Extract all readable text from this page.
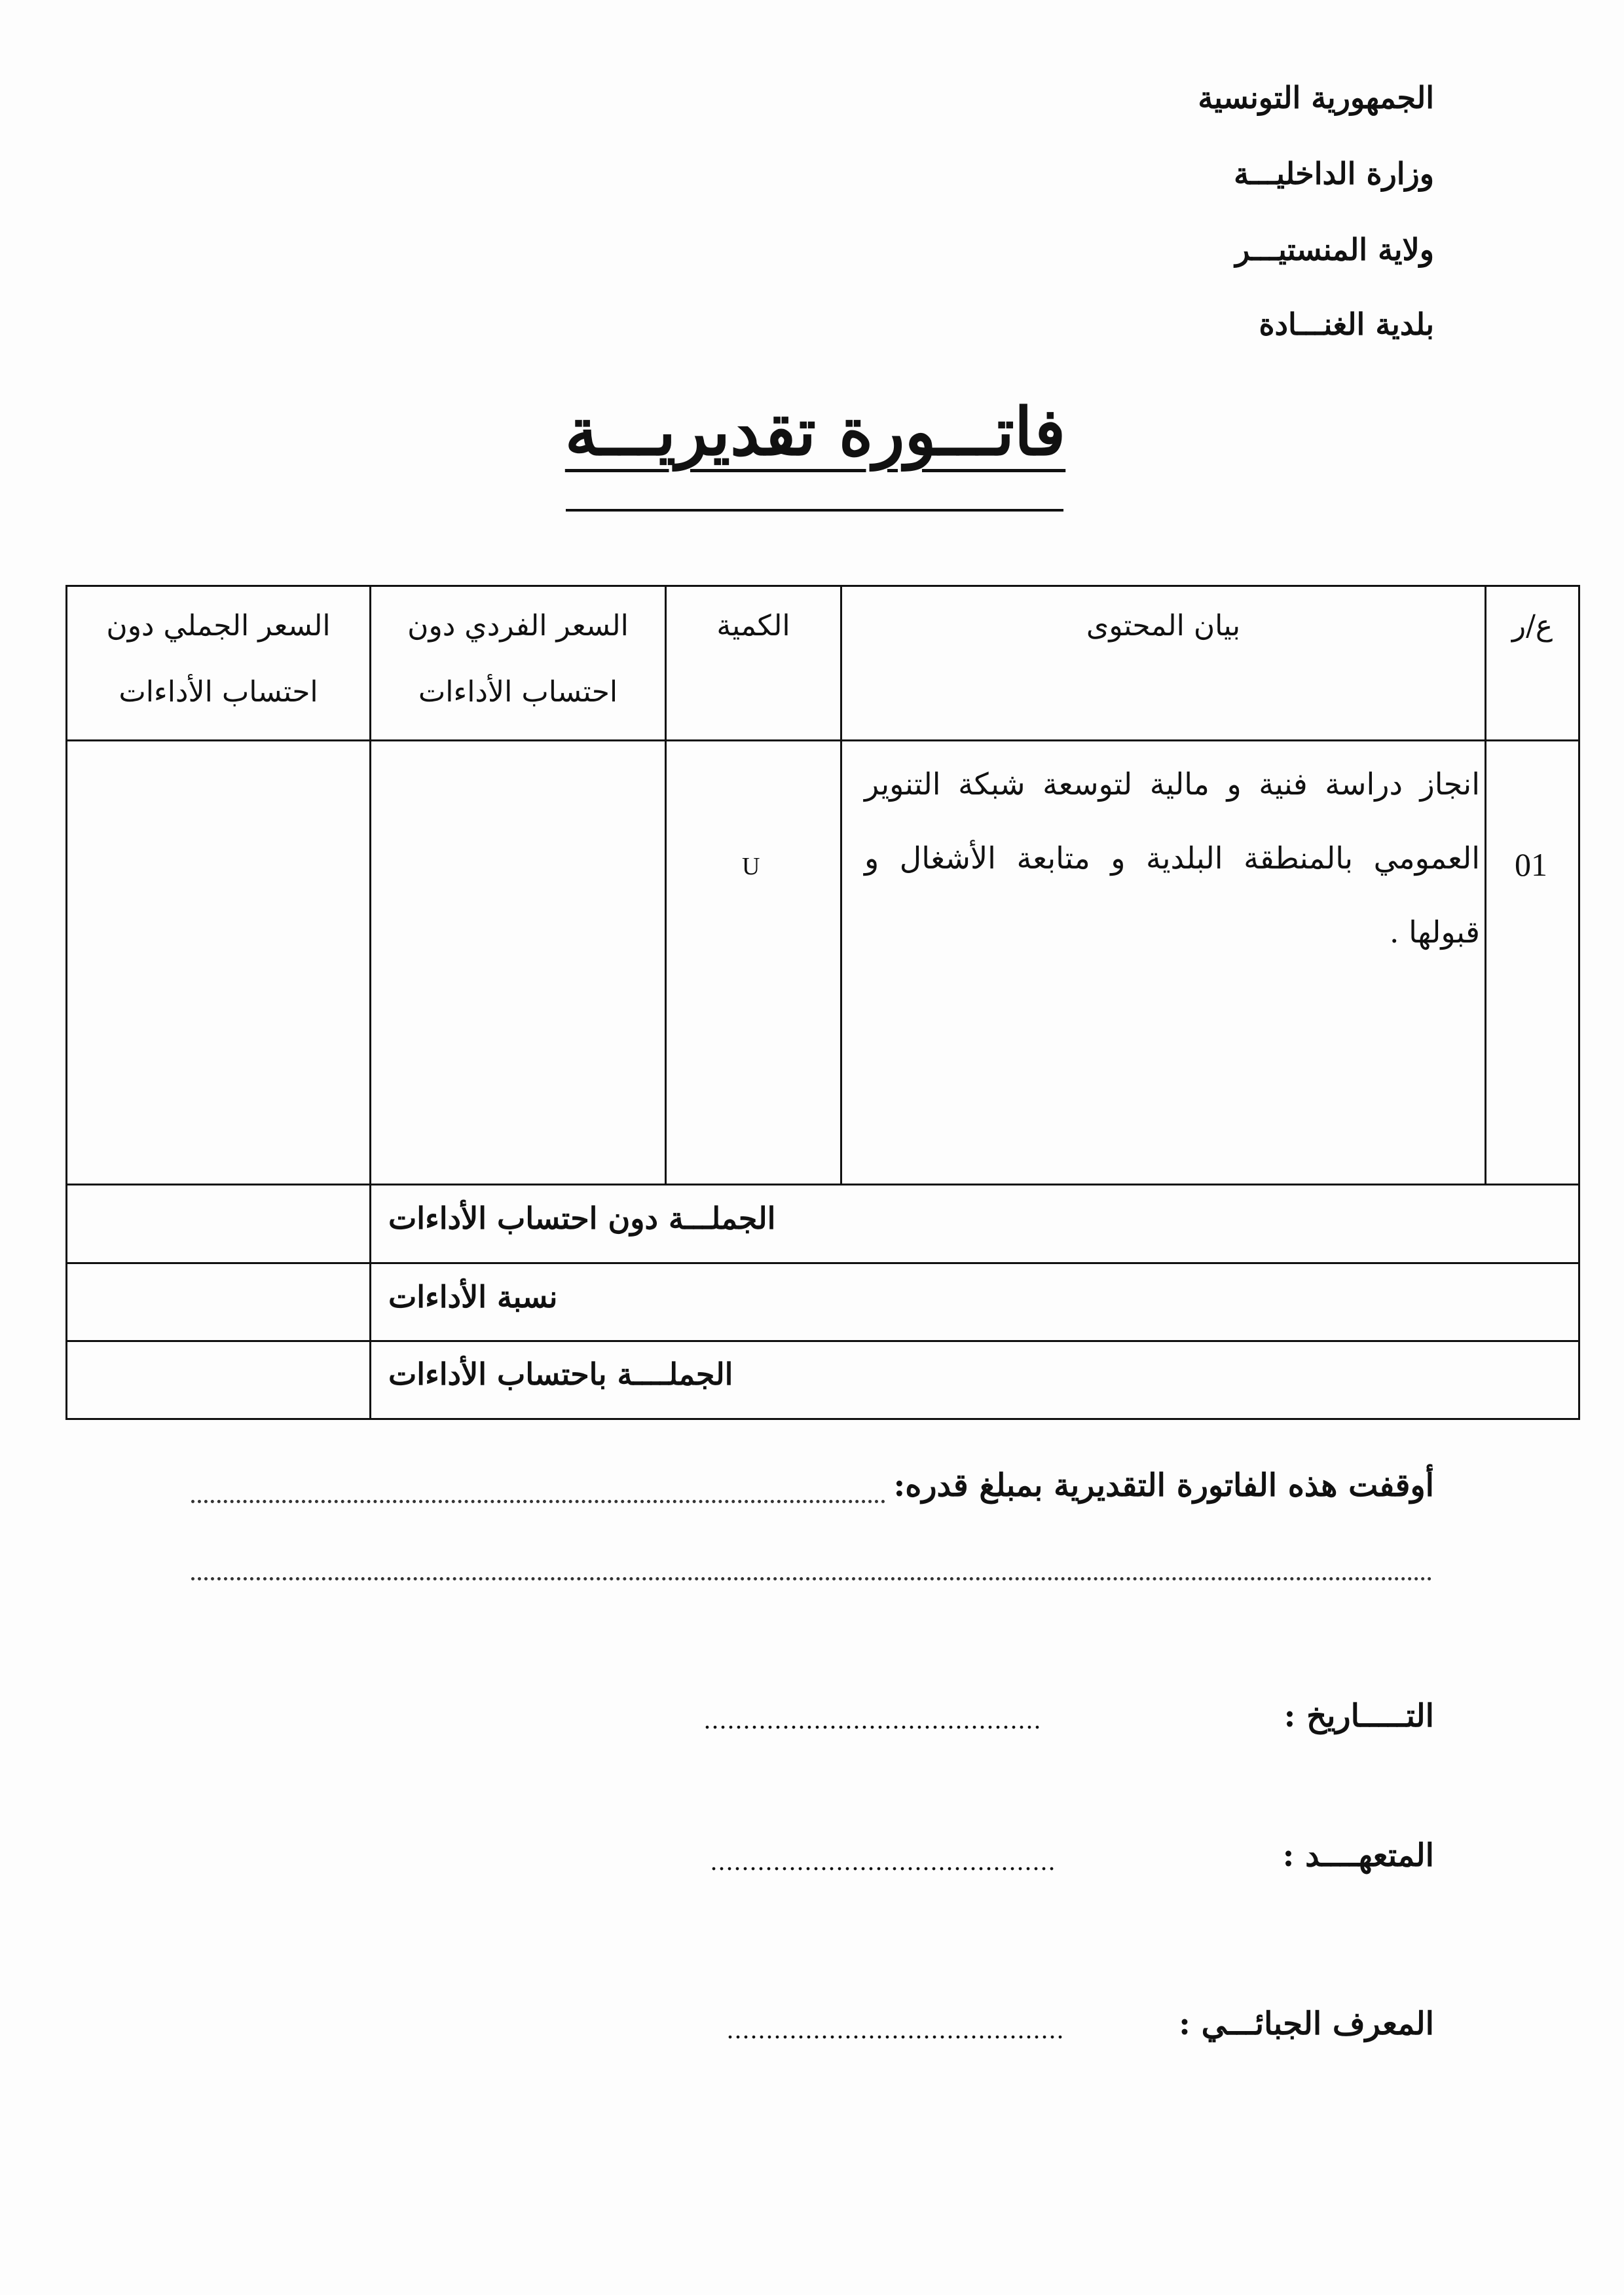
الجمهورية التونسية
وزارة الداخليـــة
ولاية المنستيـــر
بلدية الغنـــادة
فاتـــورة تقديريـــة
ع/ر
بيان المحتوى
الكمية
السعر الفردي دون
احتساب الأداءات
السعر الجملي دون
احتساب الأداءات
01
انجاز دراسة فنية و مالية لتوسعة شبكة التنوير العمومي بالمنطقة البلدية و متابعة الأشغال و قبولها .
U
الجملـــة دون احتساب الأداءات
نسبة الأداءات
الجملــــة باحتساب الأداءات
أوقفت هذه الفاتورة التقديرية بمبلغ قدره:
التـــــاريخ :
...........................................
المتعهــــد :
............................................
المعرف الجبائـــي :
...........................................
